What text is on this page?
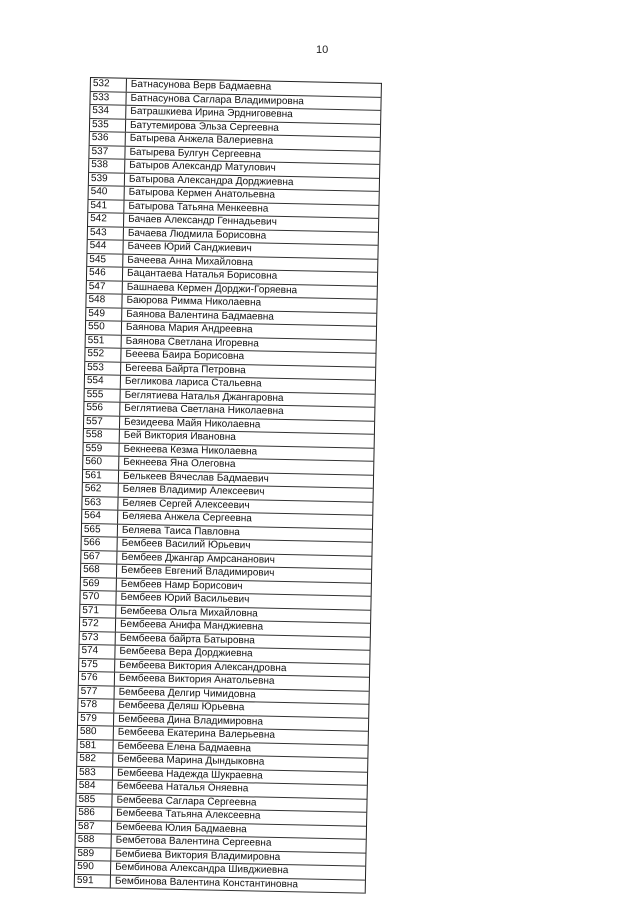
10
532	Батнасунова Верв Бадмаевна
533	Батнасунова Саглара Владимировна
534	Батрашкиева Ирина Эрдниговевна
535	Батутемирова Эльза Сергеевна
536	Батырева Анжела Валериевна
537	Батырева Булгун Сергеевна
538	Батыров Александр Матулович
539	Батырова Александра Дорджиевна
540	Батырова Кермен Анатольевна
541	Батырова Татьяна Менкеевна
542	Бачаев Александр Геннадьевич
543	Бачаева Людмила Борисовна
544	Бачеев Юрий Санджиевич
545	Бачеева Анна Михайловна
546	Бацантаева Наталья Борисовна
547	Башнаева Кермен Дорджи-Горяевна
548	Баюрова Римма Николаевна
549	Баянова Валентина Бадмаевна
550	Баянова Мария Андреевна
551	Баянова Светлана Игоревна
552	Бееева Баира Борисовна
553	Бегеева Байрта Петровна
554	Бегликова лариса Стальевна
555	Беглятиева Наталья Джангаровна
556	Беглятиева Светлана Николаевна
557	Безидеева Майя Николаевна
558	Бей Виктория Ивановна
559	Бекнеева Кезма Николаевна
560	Бекнеева Яна Олеговна
561	Белькеев Вячеслав Бадмаевич
562	Беляев Владимир Алексеевич
563	Беляев Сергей Алексеевич
564	Беляева Анжела Сергеевна
565	Беляева Таиса Павловна
566	Бембеев Василий Юрьевич
567	Бембеев Джангар Амрсананович
568	Бембеев Евгений Владимирович
569	Бембеев Намр Борисович
570	Бембеев Юрий Васильевич
571	Бембеева Ольга Михайловна
572	Бембеева Анифа Манджиевна
573	Бембеева байрта Батыровна
574	Бембеева Вера Дорджиевна
575	Бембеева Виктория Александровна
576	Бембеева Виктория Анатольевна
577	Бембеева Делгир Чимидовна
578	Бембеева Деляш Юрьевна
579	Бембеева Дина Владимировна
580	Бембеева Екатерина Валерьевна
581	Бембеева Елена Бадмаевна
582	Бембеева Марина Дындыковна
583	Бембеева Надежда Шукраевна
584	Бембеева Наталья Оняевна
585	Бембеева Саглара Сергеевна
586	Бембеева Татьяна Алексеевна
587	Бембеева Юлия Бадмаевна
588	Бембетова Валентина Сергеевна
589	Бембиева Виктория Владимировна
590	Бембинова Александра Шивджиевна
591	Бембинова Валентина Константиновна
